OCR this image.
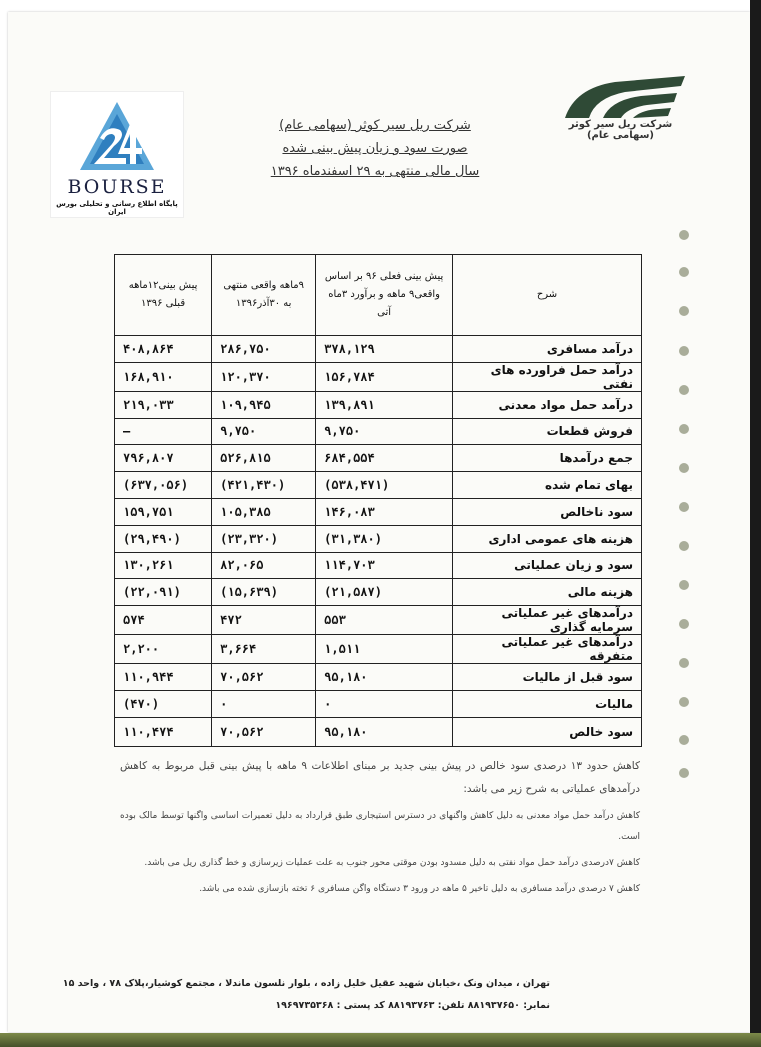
شرکت ریل سیر کوثر (سهامی عام)
BOURSE
پایگاه اطلاع رسانی و تحلیلی بورس ایران
شرکت ریل سیر کوثر (سهامی عام)
صورت سود و زیان پیش بینی شده
سال مالی منتهی به ۲۹ اسفندماه ۱۳۹۶
شرح	پیش بینی فعلی ۹۶ بر اساس واقعی۹ ماهه و برآورد ۳ماه آتی	۹ماهه واقعی منتهی به ۳۰آذر۱۳۹۶	پیش بینی۱۲ماهه قبلی ۱۳۹۶
درآمد مسافری	۳۷۸,۱۲۹	۲۸۶,۷۵۰	۴۰۸,۸۶۴
درآمد حمل فراورده های نفتی	۱۵۶,۷۸۴	۱۲۰,۳۷۰	۱۶۸,۹۱۰
درآمد حمل مواد معدنی	۱۳۹,۸۹۱	۱۰۹,۹۴۵	۲۱۹,۰۳۳
فروش قطعات	۹,۷۵۰	۹,۷۵۰	—
جمع درآمدها	۶۸۴,۵۵۴	۵۲۶,۸۱۵	۷۹۶,۸۰۷
بهای تمام شده	(۵۳۸,۴۷۱)	(۴۲۱,۴۳۰)	(۶۳۷,۰۵۶)
سود ناخالص	۱۴۶,۰۸۳	۱۰۵,۳۸۵	۱۵۹,۷۵۱
هزینه های عمومی اداری	(۳۱,۳۸۰)	(۲۳,۳۲۰)	(۲۹,۴۹۰)
سود و زیان عملیاتی	۱۱۴,۷۰۳	۸۲,۰۶۵	۱۳۰,۲۶۱
هزینه مالی	(۲۱,۵۸۷)	(۱۵,۶۳۹)	(۲۲,۰۹۱)
درآمدهای غیر عملیاتی سرمایه گذاری	۵۵۳	۴۷۲	۵۷۴
درآمدهای غیر عملیاتی متفرقه	۱,۵۱۱	۳,۶۶۴	۲,۲۰۰
سود قبل از مالیات	۹۵,۱۸۰	۷۰,۵۶۲	۱۱۰,۹۴۴
مالیات	۰	۰	(۴۷۰)
سود خالص	۹۵,۱۸۰	۷۰,۵۶۲	۱۱۰,۴۷۴
کاهش حدود ۱۳ درصدی سود خالص در پیش بینی جدید بر مبنای اطلاعات ۹ ماهه با پیش بینی قبل مربوط به کاهش درآمدهای عملیاتی به شرح زیر می باشد:
کاهش درآمد حمل مواد معدنی به دلیل کاهش واگنهای در دسترس استیجاری طبق قرارداد به دلیل تعمیرات اساسی واگنها توسط مالک بوده است.
کاهش ۷درصدی درآمد حمل مواد نفتی به دلیل مسدود بودن موقتی محور جنوب به علت عملیات زیرسازی و خط گذاری ریل می باشد.
کاهش ۷ درصدی درآمد مسافری به دلیل تاخیر ۵ ماهه در ورود ۳ دستگاه واگن مسافری ۶ تخته بازسازی شده می باشد.
تهران ، میدان ونک ،خیابان شهید عقیل خلیل زاده ، بلوار نلسون ماندلا ، مجتمع کوشیار،پلاک ۷۸ ، واحد ۱۵
نمابر: ۸۸۱۹۳۷۶۵۰ تلفن: ۸۸۱۹۳۷۶۳ کد پستی : ۱۹۶۹۷۳۵۳۶۸
